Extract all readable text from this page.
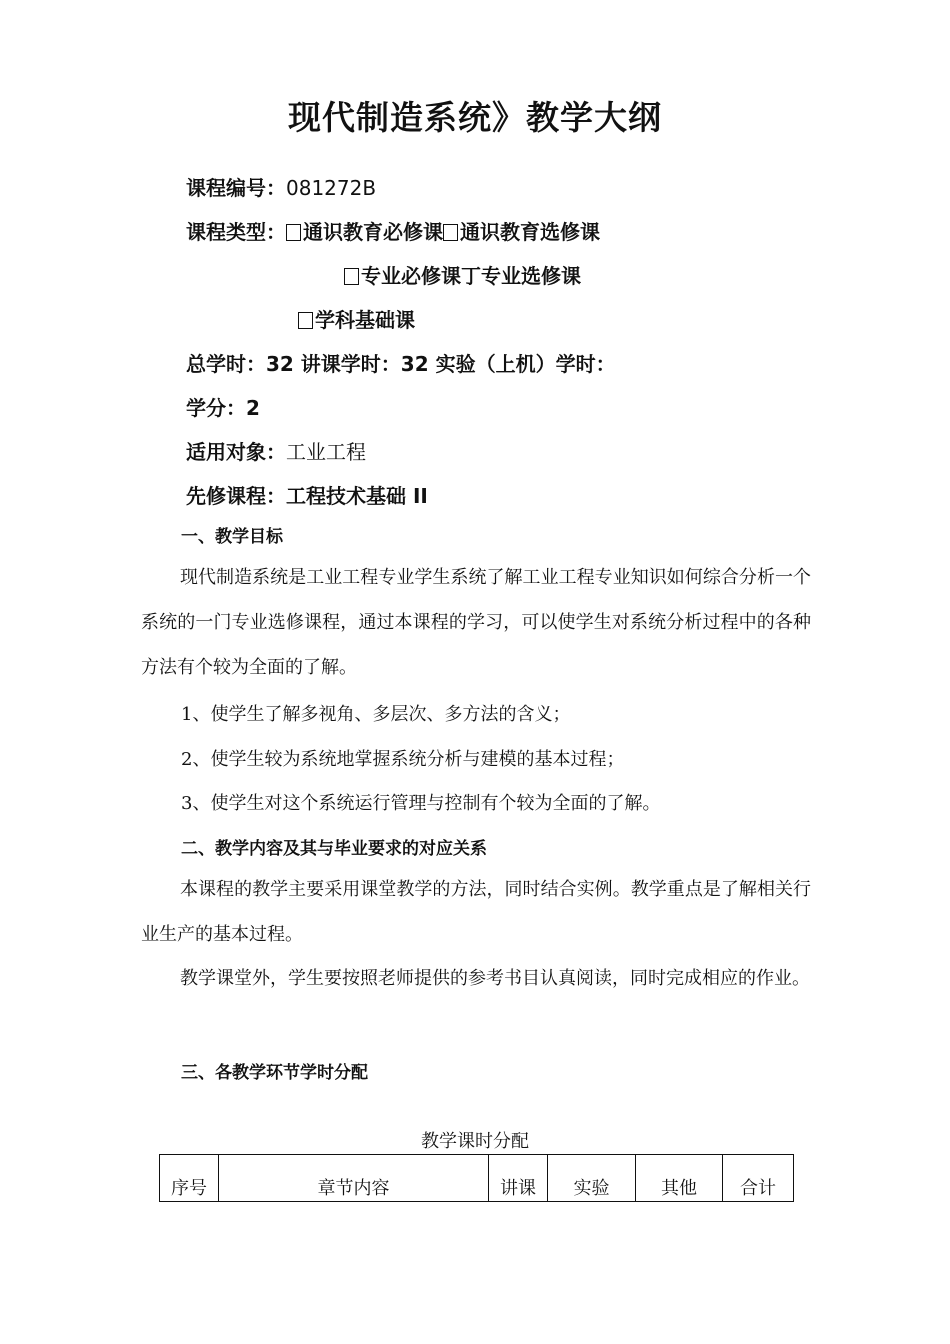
现代制造系统》教学大纲
课程编号：081272B
课程类型： 通识教育必修课 通识教育选修课
专业必修课丁专业选修课
学科基础课
总学时：32 讲课学时：32 实验（上机）学时：
学分：2
适用对象：工业工程
先修课程：工程技术基础 II
一、教学目标
现代制造系统是工业工程专业学生系统了解工业工程专业知识如何综合分析一个系统的一门专业选修课程，通过本课程的学习，可以使学生对系统分析过程中的各种方法有个较为全面的了解。
1、使学生了解多视角、多层次、多方法的含义；
2、使学生较为系统地掌握系统分析与建模的基本过程；
3、使学生对这个系统运行管理与控制有个较为全面的了解。
二、教学内容及其与毕业要求的对应关系
本课程的教学主要采用课堂教学的方法，同时结合实例。教学重点是了解相关行业生产的基本过程。
教学课堂外，学生要按照老师提供的参考书目认真阅读，同时完成相应的作业。
三、各教学环节学时分配
教学课时分配
序号	章节内容	讲课	实验	其他	合计
